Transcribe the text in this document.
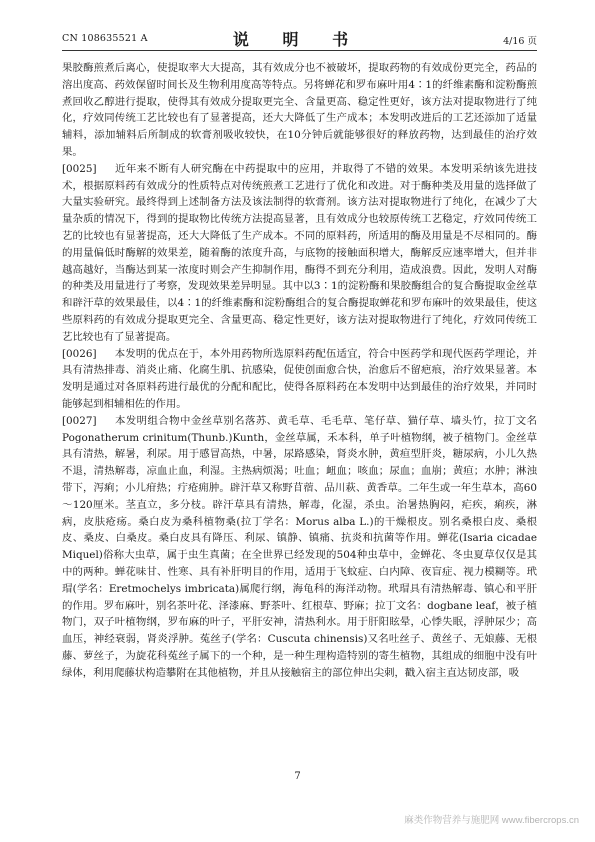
CN 108635521 A	说 明 书	4/16 页

果胶酶煎煮后离心，使提取率大大提高，其有效成分也不被破坏，提取药物的有效成份更完全，药品的溶出度高、药效保留时间长及生物利用度高等特点。另将蝉花和罗布麻叶用4∶1的纤维素酶和淀粉酶煎煮回收乙醇进行提取，使得其有效成分提取更完全、含量更高、稳定性更好，该方法对提取物进行了纯化，疗效同传统工艺比较也有了显著提高，还大大降低了生产成本；本发明改进后的工艺还添加了适量辅料，添加辅料后所制成的软膏剂吸收较快，在10分钟后就能够很好的释放药物，达到最佳的治疗效果。

[0025] 近年来不断有人研究酶在中药提取中的应用，并取得了不错的效果。本发明采纳该先进技术，根据原料药有效成分的性质特点对传统煎煮工艺进行了优化和改进。对于酶种类及用量的选择做了大量实验研究。最终得到上述制备方法及该法制得的软膏剂。该方法对提取物进行了纯化，在减少了大量杂质的情况下，得到的提取物比传统方法提高显著，且有效成分也较原传统工艺稳定，疗效同传统工艺的比较也有显著提高，还大大降低了生产成本。不同的原料药，所适用的酶及用量是不尽相同的。酶的用量偏低时酶解的效果差，随着酶的浓度升高，与底物的接触面积增大，酶解反应速率增大，但并非越高越好，当酶达到某一浓度时则会产生抑制作用，酶得不到充分利用，造成浪费。因此，发明人对酶的种类及用量进行了考察，发现效果差异明显。其中以3∶1的淀粉酶和果胶酶组合的复合酶提取金丝草和辟汗草的效果最佳，以4∶1的纤维素酶和淀粉酶组合的复合酶提取蝉花和罗布麻叶的效果最佳，使这些原料药的有效成分提取更完全、含量更高、稳定性更好，该方法对提取物进行了纯化，疗效同传统工艺比较也有了显著提高。

[0026] 本发明的优点在于，本外用药物所选原料药配伍适宜，符合中医药学和现代医药学理论，并具有清热排毒、消炎止痛、化腐生肌、抗感染，促使创面愈合快，治愈后不留疤痕，治疗效果显著。本发明是通过对各原料药进行最优的分配和配比，使得各原料药在本发明中达到最佳的治疗效果，并同时能够起到相辅相佐的作用。

[0027] 本发明组合物中金丝草别名落苏、黄毛草、毛毛草、笔仔草、猫仔草、墙头竹，拉丁文名Pogonatherum crinitum(Thunb.)Kunth，金丝草属，禾本科，单子叶植物纲，被子植物门。金丝草具有清热，解暑，利尿。用于感冒高热，中暑，尿路感染，肾炎水肿，黄疸型肝炎，糖尿病，小儿久热不退，清热解毒，凉血止血，利湿。主热病烦渴；吐血；衄血；咳血；尿血；血崩；黄疸；水肿；淋浊带下，泻痢；小儿疳热；疔疮痈肿。辟汗草又称野苜蓿、品川萩、黄香草。二年生或一年生草本，高60～120厘米。茎直立，多分枝。辟汗草具有清热，解毒，化湿，杀虫。治暑热胸闷，疟疾，痢疾，淋病，皮肤疮疡。桑白皮为桑科植物桑(拉丁学名：Morus alba L.)的干燥根皮。别名桑根白皮、桑根皮、桑皮、白桑皮。桑白皮具有降压、利尿、镇静、镇痛、抗炎和抗菌等作用。蝉花(Isaria cicadae Miquel)俗称大虫草，属于虫生真菌；在全世界已经发现的504种虫草中，金蝉花、冬虫夏草仅仅是其中的两种。蝉花味甘、性寒、具有补肝明目的作用，适用于飞蚊症、白内障、夜盲症、视力模糊等。玳瑁(学名：Eretmochelys imbricata)属爬行纲，海龟科的海洋动物。玳瑁具有清热解毒、镇心和平肝的作用。罗布麻叶，别名茶叶花、泽漆麻、野茶叶、红根草、野麻；拉丁文名：dogbane leaf，被子植物门，双子叶植物纲，罗布麻的叶子，平肝安神，清热利水。用于肝阳眩晕，心悸失眠，浮肿尿少；高血压，神经衰弱，肾炎浮肿。菟丝子(学名：Cuscuta chinensis)又名吐丝子、黄丝子、无娘藤、无根藤、萝丝子，为旋花科菟丝子属下的一个种，是一种生理构造特别的寄生植物，其组成的细胞中没有叶绿体，利用爬藤状构造攀附在其他植物，并且从接触宿主的部位伸出尖刺，戳入宿主直达韧皮部，吸

7
麻类作物营养与施肥网 www.fibercrops.cn
